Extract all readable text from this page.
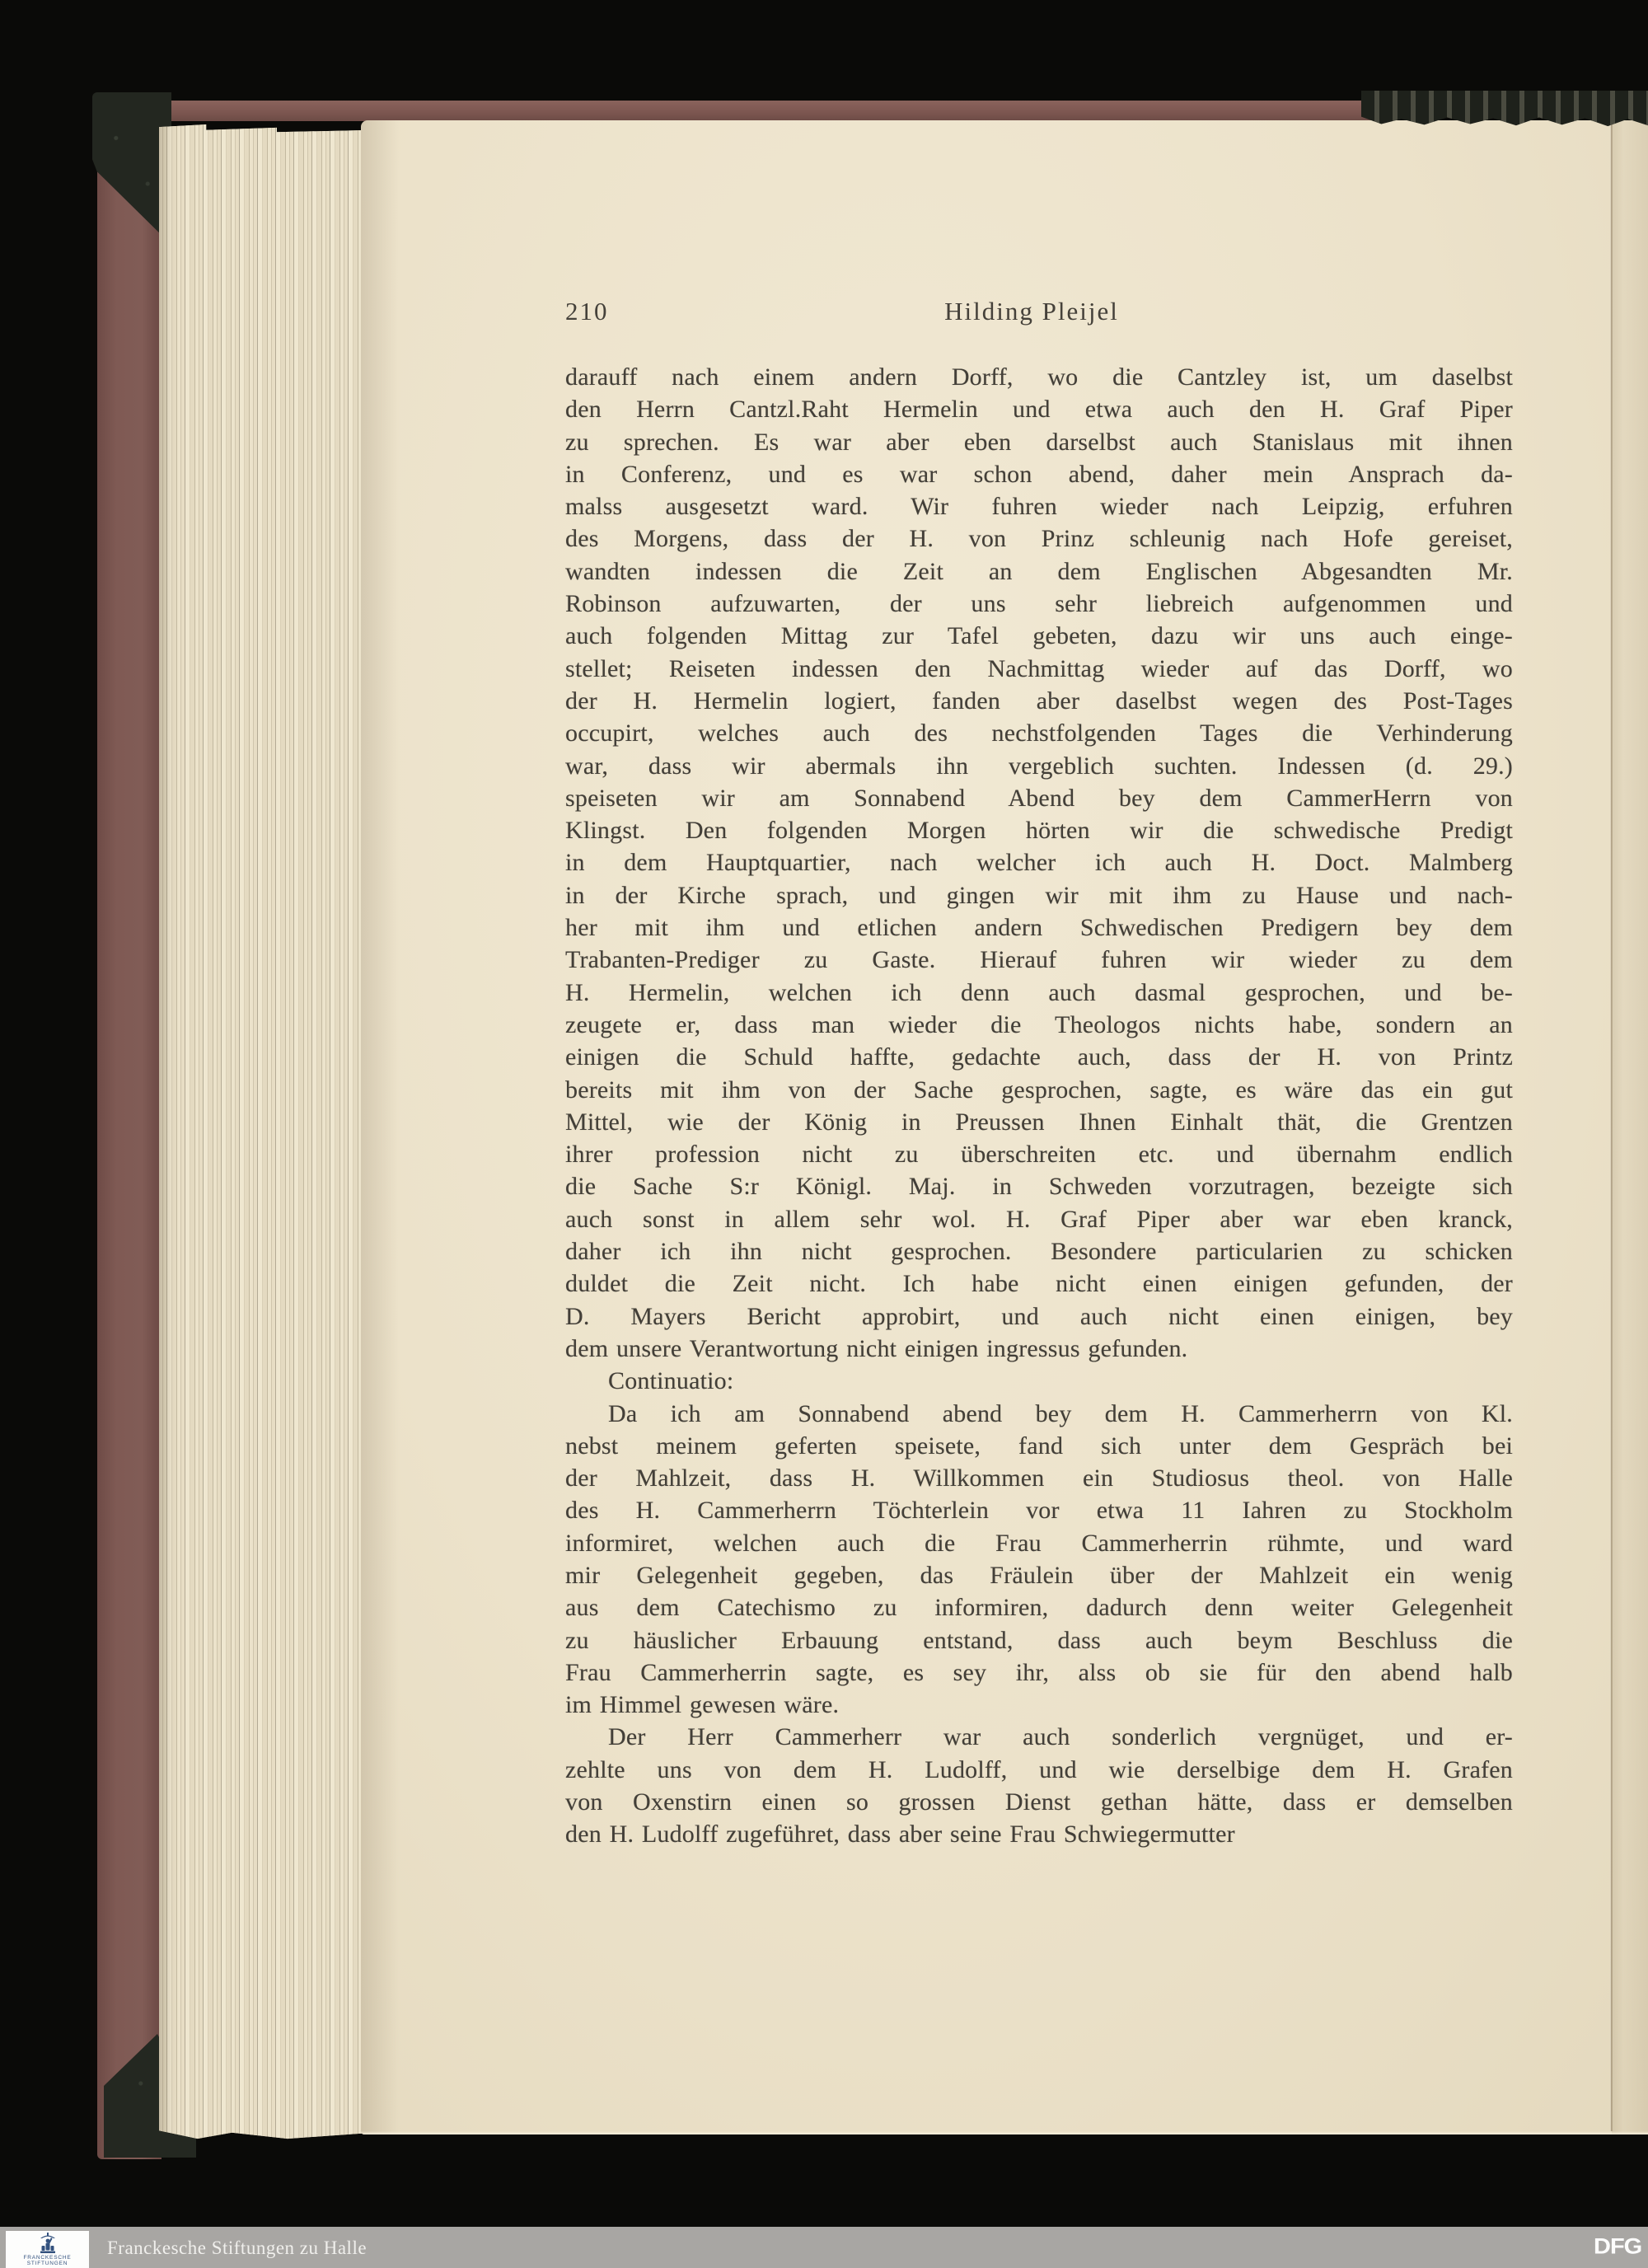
210	Hilding Pleijel
darauff nach einem andern Dorff, wo die Cantzley ist, um daselbst
den Herrn Cantzl.Raht Hermelin und etwa auch den H. Graf Piper
zu sprechen. Es war aber eben darselbst auch Stanislaus mit ihnen
in Conferenz, und es war schon abend, daher mein Ansprach da-
malss ausgesetzt ward. Wir fuhren wieder nach Leipzig, erfuhren
des Morgens, dass der H. von Prinz schleunig nach Hofe gereiset,
wandten indessen die Zeit an dem Englischen Abgesandten Mr.
Robinson aufzuwarten, der uns sehr liebreich aufgenommen und
auch folgenden Mittag zur Tafel gebeten, dazu wir uns auch einge-
stellet; Reiseten indessen den Nachmittag wieder auf das Dorff, wo
der H. Hermelin logiert, fanden aber daselbst wegen des Post-Tages
occupirt, welches auch des nechstfolgenden Tages die Verhinderung
war, dass wir abermals ihn vergeblich suchten. Indessen (d. 29.)
speiseten wir am Sonnabend Abend bey dem CammerHerrn von
Klingst. Den folgenden Morgen hörten wir die schwedische Predigt
in dem Hauptquartier, nach welcher ich auch H. Doct. Malmberg
in der Kirche sprach, und gingen wir mit ihm zu Hause und nach-
her mit ihm und etlichen andern Schwedischen Predigern bey dem
Trabanten-Prediger zu Gaste. Hierauf fuhren wir wieder zu dem
H. Hermelin, welchen ich denn auch dasmal gesprochen, und be-
zeugete er, dass man wieder die Theologos nichts habe, sondern an
einigen die Schuld haffte, gedachte auch, dass der H. von Printz
bereits mit ihm von der Sache gesprochen, sagte, es wäre das ein gut
Mittel, wie der König in Preussen Ihnen Einhalt thät, die Grentzen
ihrer profession nicht zu überschreiten etc. und übernahm endlich
die Sache S:r Königl. Maj. in Schweden vorzutragen, bezeigte sich
auch sonst in allem sehr wol. H. Graf Piper aber war eben kranck,
daher ich ihn nicht gesprochen. Besondere particularien zu schicken
duldet die Zeit nicht. Ich habe nicht einen einigen gefunden, der
D. Mayers Bericht approbirt, und auch nicht einen einigen, bey
dem unsere Verantwortung nicht einigen ingressus gefunden.
Continuatio:
Da ich am Sonnabend abend bey dem H. Cammerherrn von Kl.
nebst meinem geferten speisete, fand sich unter dem Gespräch bei
der Mahlzeit, dass H. Willkommen ein Studiosus theol. von Halle
des H. Cammerherrn Töchterlein vor etwa 11 Iahren zu Stockholm
informiret, welchen auch die Frau Cammerherrin rühmte, und ward
mir Gelegenheit gegeben, das Fräulein über der Mahlzeit ein wenig
aus dem Catechismo zu informiren, dadurch denn weiter Gelegenheit
zu häuslicher Erbauung entstand, dass auch beym Beschluss die
Frau Cammerherrin sagte, es sey ihr, alss ob sie für den abend halb
im Himmel gewesen wäre.
Der Herr Cammerherr war auch sonderlich vergnüget, und er-
zehlte uns von dem H. Ludolff, und wie derselbige dem H. Grafen
von Oxenstirn einen so grossen Dienst gethan hätte, dass er demselben
den H. Ludolff zugeführet, dass aber seine Frau Schwiegermutter
FRANCKESCHE
STIFTUNGEN
Franckesche Stiftungen zu Halle	DFG
